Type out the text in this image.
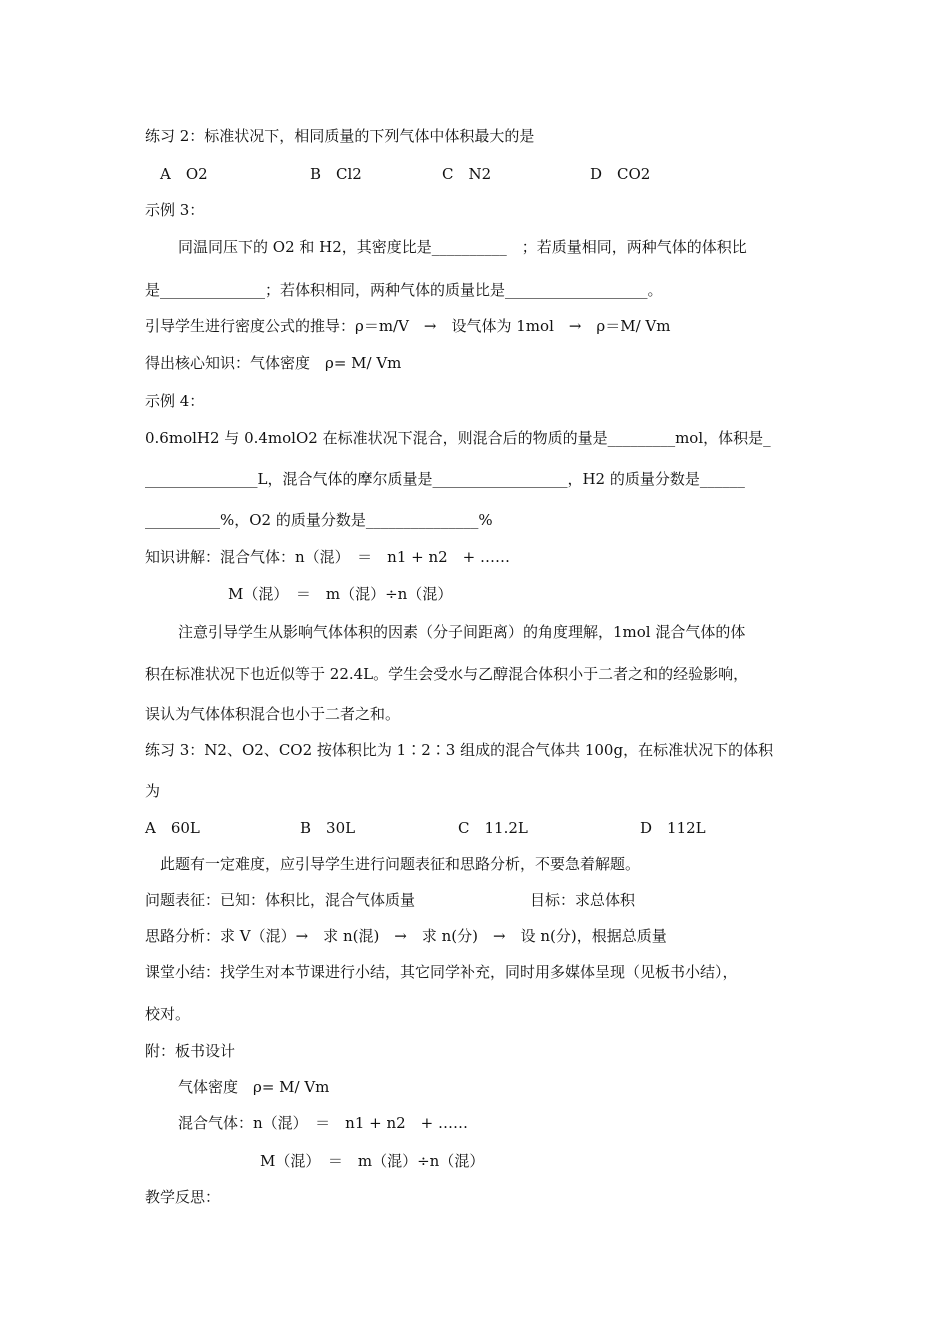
练习 2：标准状况下，相同质量的下列气体中体积最大的是
A　O2	B　Cl2	C　N2	D　CO2
示例 3：
同温同压下的 O2 和 H2，其密度比是__________　；若质量相同，两种气体的体积比
是______________；若体积相同，两种气体的质量比是___________________。
引导学生进行密度公式的推导：ρ＝m/V　→　设气体为 1mol　→　ρ＝M/ Vm
得出核心知识：气体密度　ρ= M/ Vm
示例 4：
0.6molH2 与 0.4molO2 在标准状况下混合，则混合后的物质的量是_________mol，体积是_
_______________L，混合气体的摩尔质量是__________________，H2 的质量分数是______
__________%，O2 的质量分数是_______________%
知识讲解：混合气体：n（混）　＝　n1 + n2　+ ……
M（混）　＝　m（混）÷n（混）
注意引导学生从影响气体体积的因素（分子间距离）的角度理解，1mol 混合气体的体
积在标准状况下也近似等于 22.4L。学生会受水与乙醇混合体积小于二者之和的经验影响，
误认为气体体积混合也小于二者之和。
练习 3：N2、O2、CO2 按体积比为 1∶2∶3 组成的混合气体共 100g，在标准状况下的体积
为
A　60L	B　30L	C　11.2L	D　112L
此题有一定难度，应引导学生进行问题表征和思路分析，不要急着解题。
问题表征：已知：体积比，混合气体质量	目标：求总体积
思路分析：求 V（混）→　求 n(混)　→　求 n(分)　→　设 n(分)，根据总质量
课堂小结：找学生对本节课进行小结，其它同学补充，同时用多媒体呈现（见板书小结），
校对。
附：板书设计
气体密度　ρ= M/ Vm
混合气体：n（混）　＝　n1 + n2　+ ……
M（混）　＝　m（混）÷n（混）
教学反思：
